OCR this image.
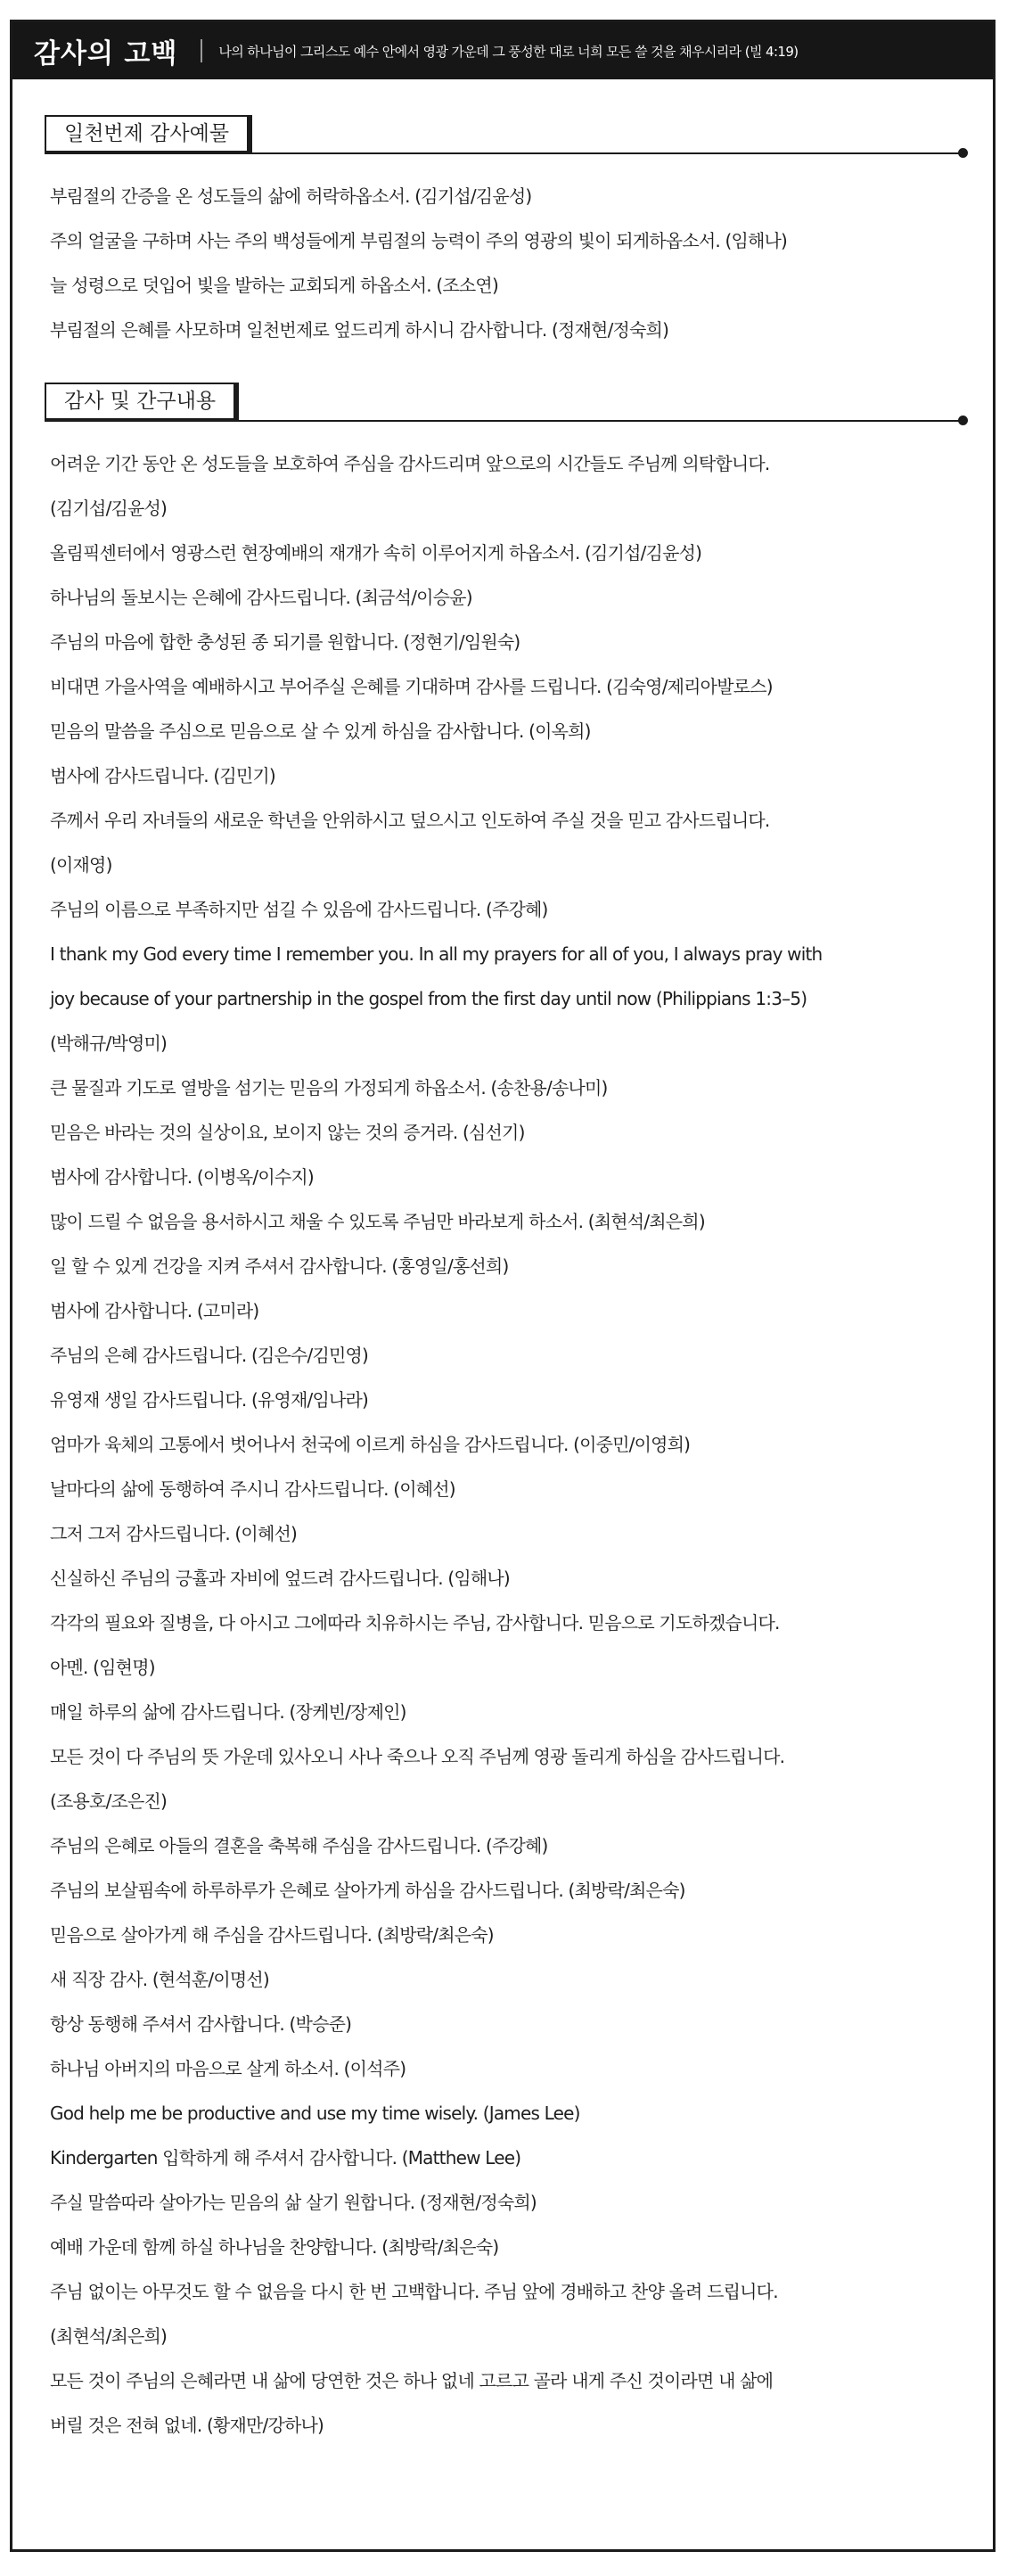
감사의 고백	나의 하나님이 그리스도 예수 안에서 영광 가운데 그 풍성한 대로 너희 모든 쓸 것을 채우시리라 (빌 4:19)
일천번제 감사예물
부림절의 간증을 온 성도들의 삶에 허락하옵소서. (김기섭/김윤성)
주의 얼굴을 구하며 사는 주의 백성들에게 부림절의 능력이 주의 영광의 빛이 되게하옵소서. (임해나)
늘 성령으로 덧입어 빛을 발하는 교회되게 하옵소서. (조소연)
부림절의 은혜를 사모하며 일천번제로 엎드리게 하시니 감사합니다. (정재현/정숙희)
감사 및 간구내용
어려운 기간 동안 온 성도들을 보호하여 주심을 감사드리며 앞으로의 시간들도 주님께 의탁합니다.
(김기섭/김윤성)
올림픽센터에서 영광스런 현장예배의 재개가 속히 이루어지게 하옵소서. (김기섭/김윤성)
하나님의 돌보시는 은혜에 감사드립니다. (최금석/이승윤)
주님의 마음에 합한 충성된 종 되기를 원합니다. (정현기/임원숙)
비대면 가을사역을 예배하시고 부어주실 은혜를 기대하며 감사를 드립니다. (김숙영/제리아발로스)
믿음의 말씀을 주심으로 믿음으로 살 수 있게 하심을 감사합니다. (이옥희)
범사에 감사드립니다. (김민기)
주께서 우리 자녀들의 새로운 학년을 안위하시고 덮으시고 인도하여 주실 것을 믿고 감사드립니다.
(이재영)
주님의 이름으로 부족하지만 섬길 수 있음에 감사드립니다. (주강혜)
I thank my God every time I remember you. In all my prayers for all of you, I always pray with
joy because of your partnership in the gospel from the first day until now (Philippians 1:3–5)
(박해규/박영미)
큰 물질과 기도로 열방을 섬기는 믿음의 가정되게 하옵소서. (송찬용/송나미)
믿음은 바라는 것의 실상이요, 보이지 않는 것의 증거라. (심선기)
범사에 감사합니다. (이병옥/이수지)
많이 드릴 수 없음을 용서하시고 채울 수 있도록 주님만 바라보게 하소서. (최현석/최은희)
일 할 수 있게 건강을 지켜 주셔서 감사합니다. (홍영일/홍선희)
범사에 감사합니다. (고미라)
주님의 은혜 감사드립니다. (김은수/김민영)
유영재 생일 감사드립니다. (유영재/임나라)
엄마가 육체의 고통에서 벗어나서 천국에 이르게 하심을 감사드립니다. (이중민/이영희)
날마다의 삶에 동행하여 주시니 감사드립니다. (이혜선)
그저 그저 감사드립니다. (이혜선)
신실하신 주님의 긍휼과 자비에 엎드려 감사드립니다. (임해나)
각각의 필요와 질병을, 다 아시고 그에따라 치유하시는 주님, 감사합니다. 믿음으로 기도하겠습니다.
아멘. (임현명)
매일 하루의 삶에 감사드립니다. (장케빈/장제인)
모든 것이 다 주님의 뜻 가운데 있사오니 사나 죽으나 오직 주님께 영광 돌리게 하심을 감사드립니다.
(조용호/조은진)
주님의 은혜로 아들의 결혼을 축복해 주심을 감사드립니다. (주강혜)
주님의 보살핌속에 하루하루가 은혜로 살아가게 하심을 감사드립니다. (최방락/최은숙)
믿음으로 살아가게 해 주심을 감사드립니다. (최방락/최은숙)
새 직장 감사. (현석훈/이명선)
항상 동행해 주셔서 감사합니다. (박승준)
하나님 아버지의 마음으로 살게 하소서. (이석주)
God help me be productive and use my time wisely. (James Lee)
Kindergarten 입학하게 해 주셔서 감사합니다. (Matthew Lee)
주실 말씀따라 살아가는 믿음의 삶 살기 원합니다. (정재현/정숙희)
예배 가운데 함께 하실 하나님을 찬양합니다. (최방락/최은숙)
주님 없이는 아무것도 할 수 없음을 다시 한 번 고백합니다. 주님 앞에 경배하고 찬양 올려 드립니다.
(최현석/최은희)
모든 것이 주님의 은혜라면 내 삶에 당연한 것은 하나 없네 고르고 골라 내게 주신 것이라면 내 삶에
버릴 것은 전혀 없네. (황재만/강하나)
